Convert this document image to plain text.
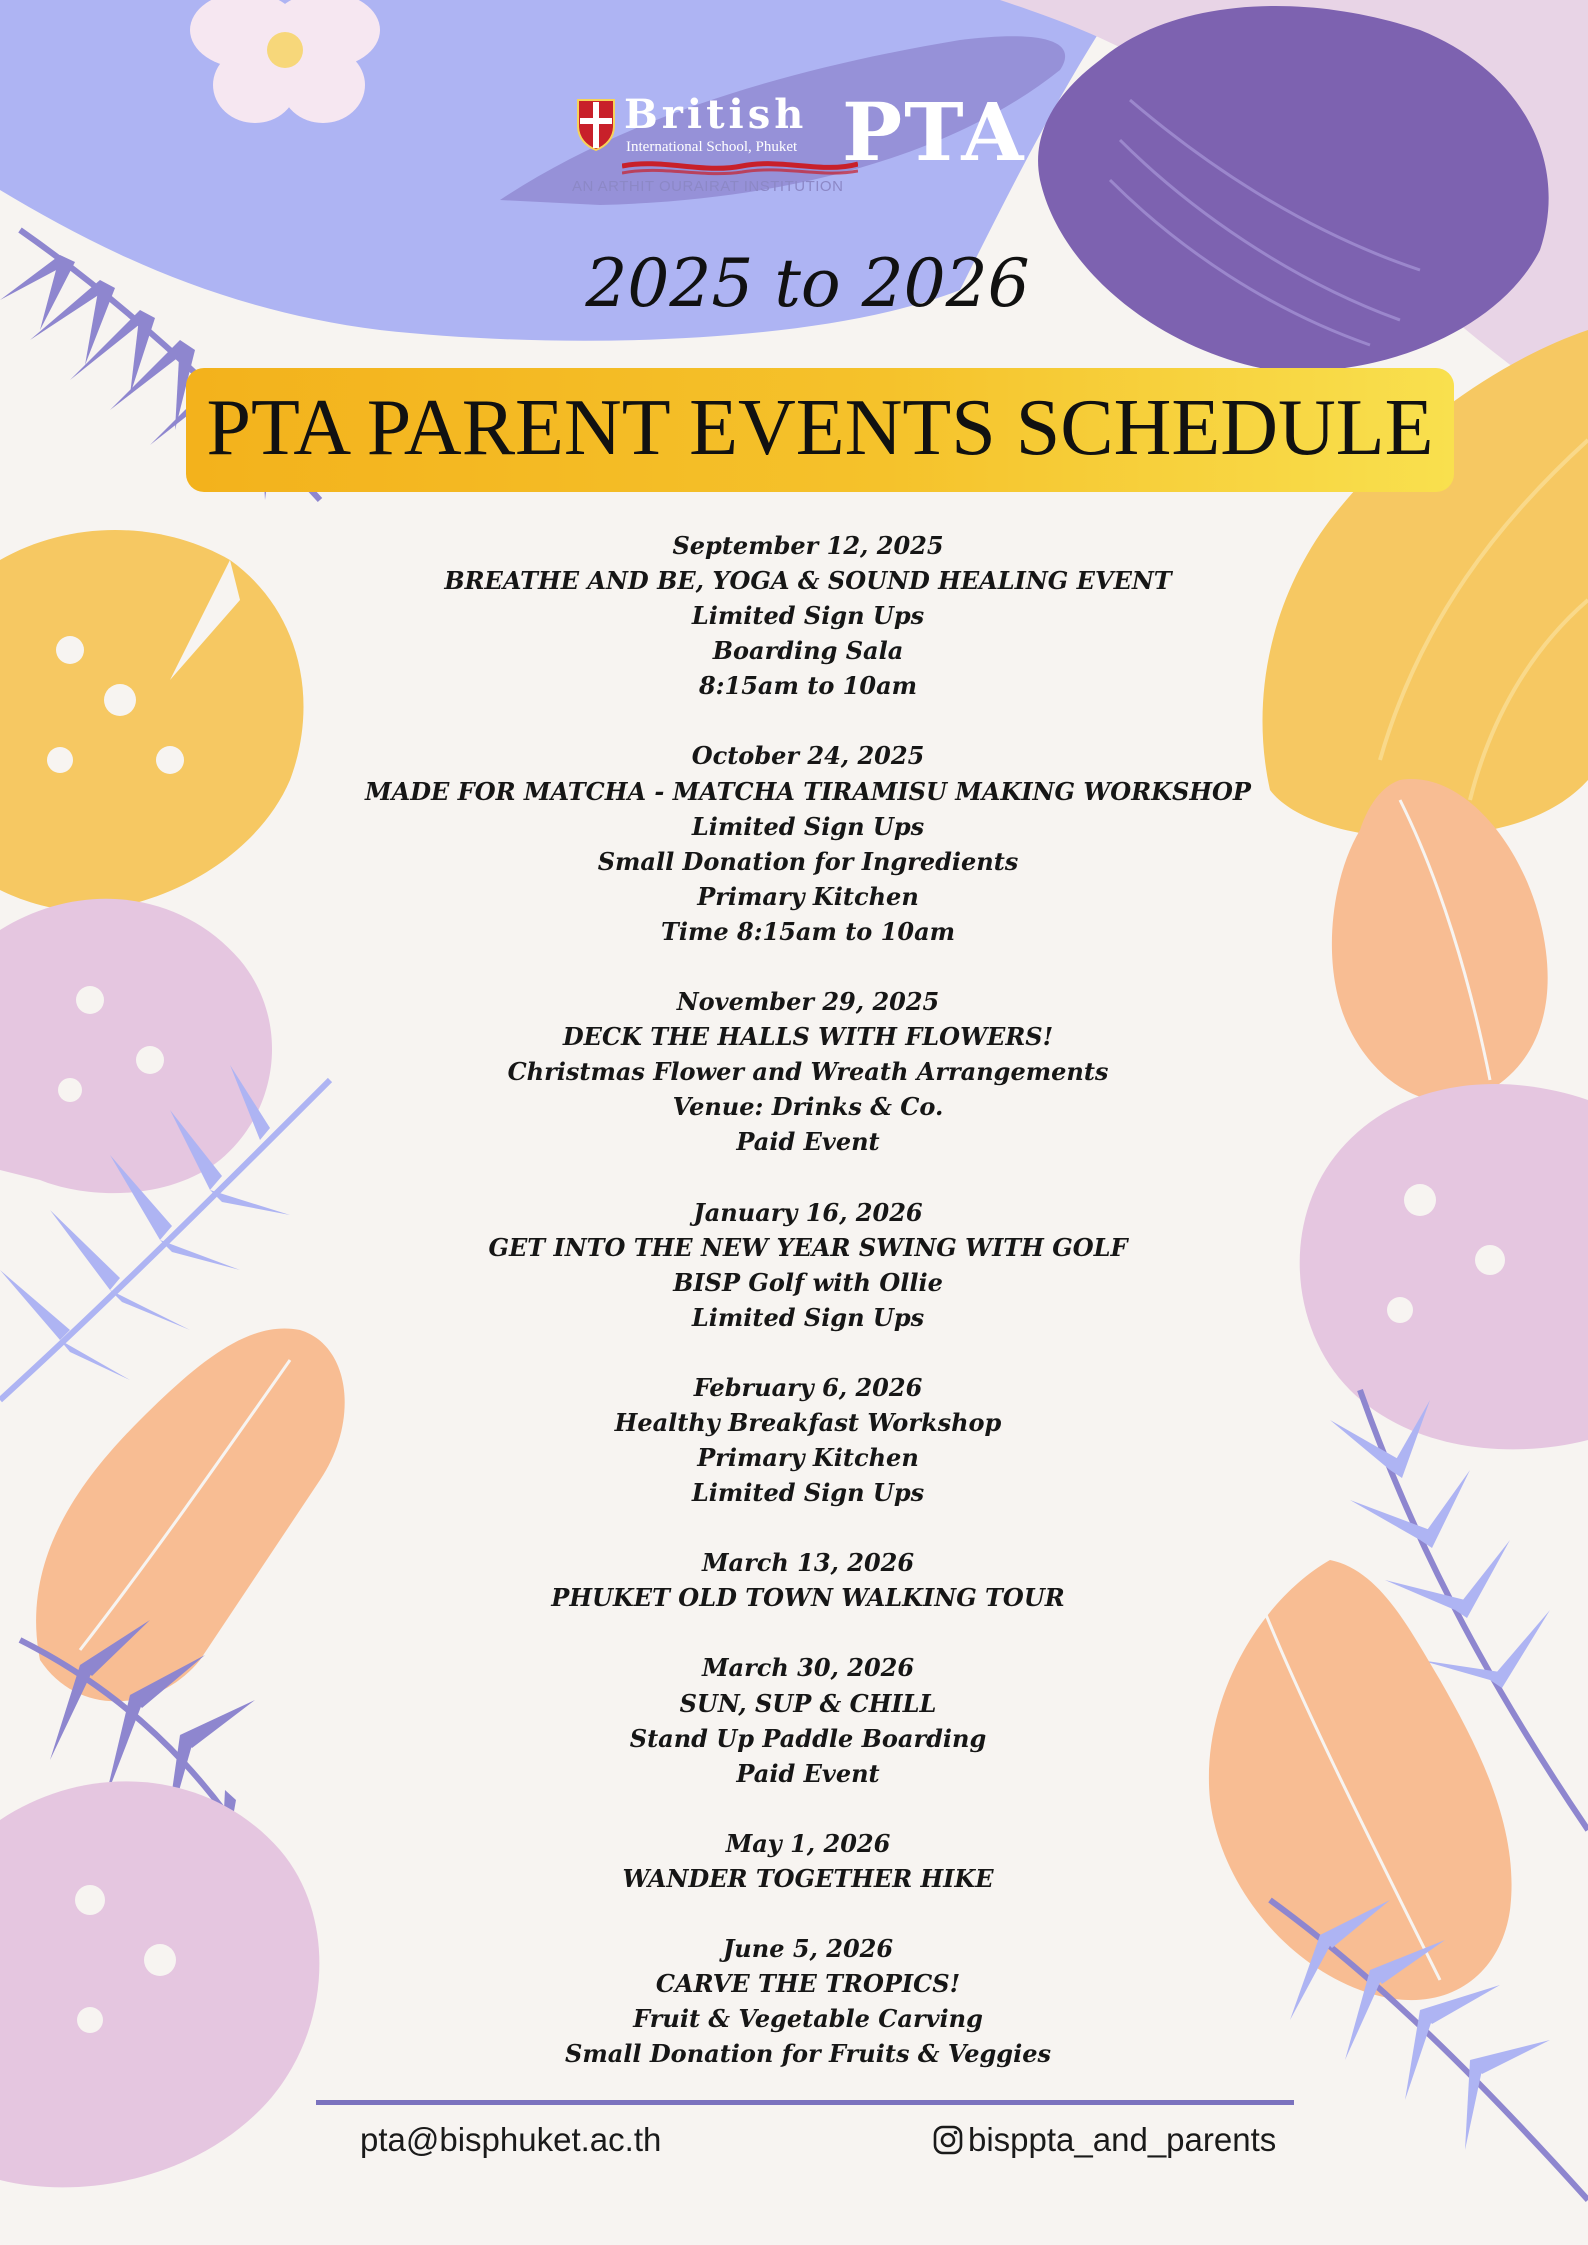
British
International School, Phuket
AN ARTHIT OURAIRAT INSTITUTION
PTA
2025 to 2026
PTA PARENT EVENTS SCHEDULE
September 12, 2025
BREATHE AND BE, YOGA & SOUND HEALING EVENT
Limited Sign Ups
Boarding Sala
8:15am to 10am
October 24, 2025
MADE FOR MATCHA - MATCHA TIRAMISU MAKING WORKSHOP
Limited Sign Ups
Small Donation for Ingredients
Primary Kitchen
Time 8:15am to 10am
November 29, 2025
DECK THE HALLS WITH FLOWERS!
Christmas Flower and Wreath Arrangements
Venue: Drinks & Co.
Paid Event
January 16, 2026
GET INTO THE NEW YEAR SWING WITH GOLF
BISP Golf with Ollie
Limited Sign Ups
February 6, 2026
Healthy Breakfast Workshop
Primary Kitchen
Limited Sign Ups
March 13, 2026
PHUKET OLD TOWN WALKING TOUR
March 30, 2026
SUN, SUP & CHILL
Stand Up Paddle Boarding
Paid Event
May 1, 2026
WANDER TOGETHER HIKE
June 5, 2026
CARVE THE TROPICS!
Fruit & Vegetable Carving
Small Donation for Fruits & Veggies
pta@bisphuket.ac.th	bisppta_and_parents
